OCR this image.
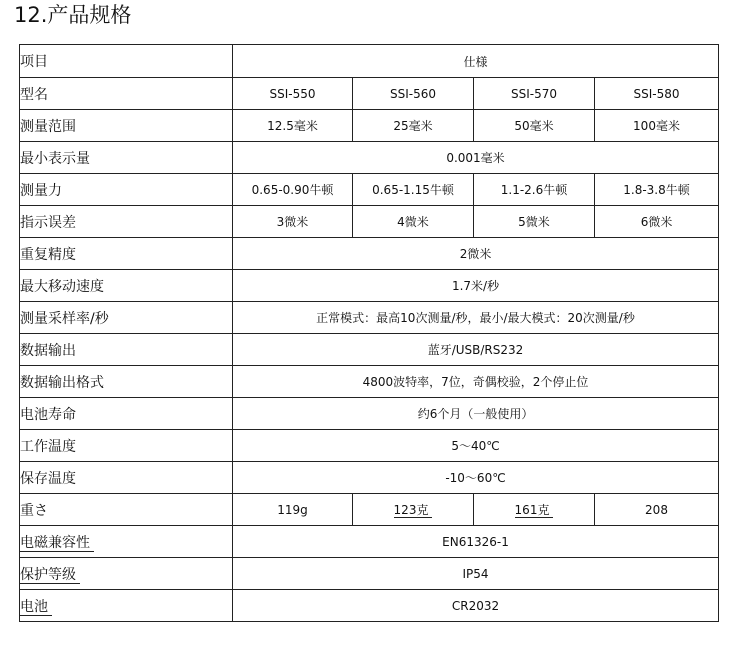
12.产品规格
项目	仕様			
型名	SSI-550	SSI-560	SSI-570	SSI-580
测量范围	12.5毫米	25毫米	50毫米	100毫米
最小表示量	0.001毫米			
测量力	0.65-0.90牛顿	0.65-1.15牛顿	1.1-2.6牛顿	1.8-3.8牛顿
指示误差	3微米	4微米	5微米	6微米
重复精度	2微米			
最大移动速度	1.7米/秒			
测量采样率/秒	正常模式：最高10次测量/秒，最小/最大模式：20次测量/秒			
数据输出	蓝牙/USB/RS232			
数据输出格式	4800波特率，7位，奇偶校验，2个停止位			
电池寿命	约6个月（一般使用）			
工作温度	5～40℃			
保存温度	-10～60℃			
重さ	119g	123克	161克	208
电磁兼容性	EN61326-1			
保护等级	IP54			
电池	CR2032			
